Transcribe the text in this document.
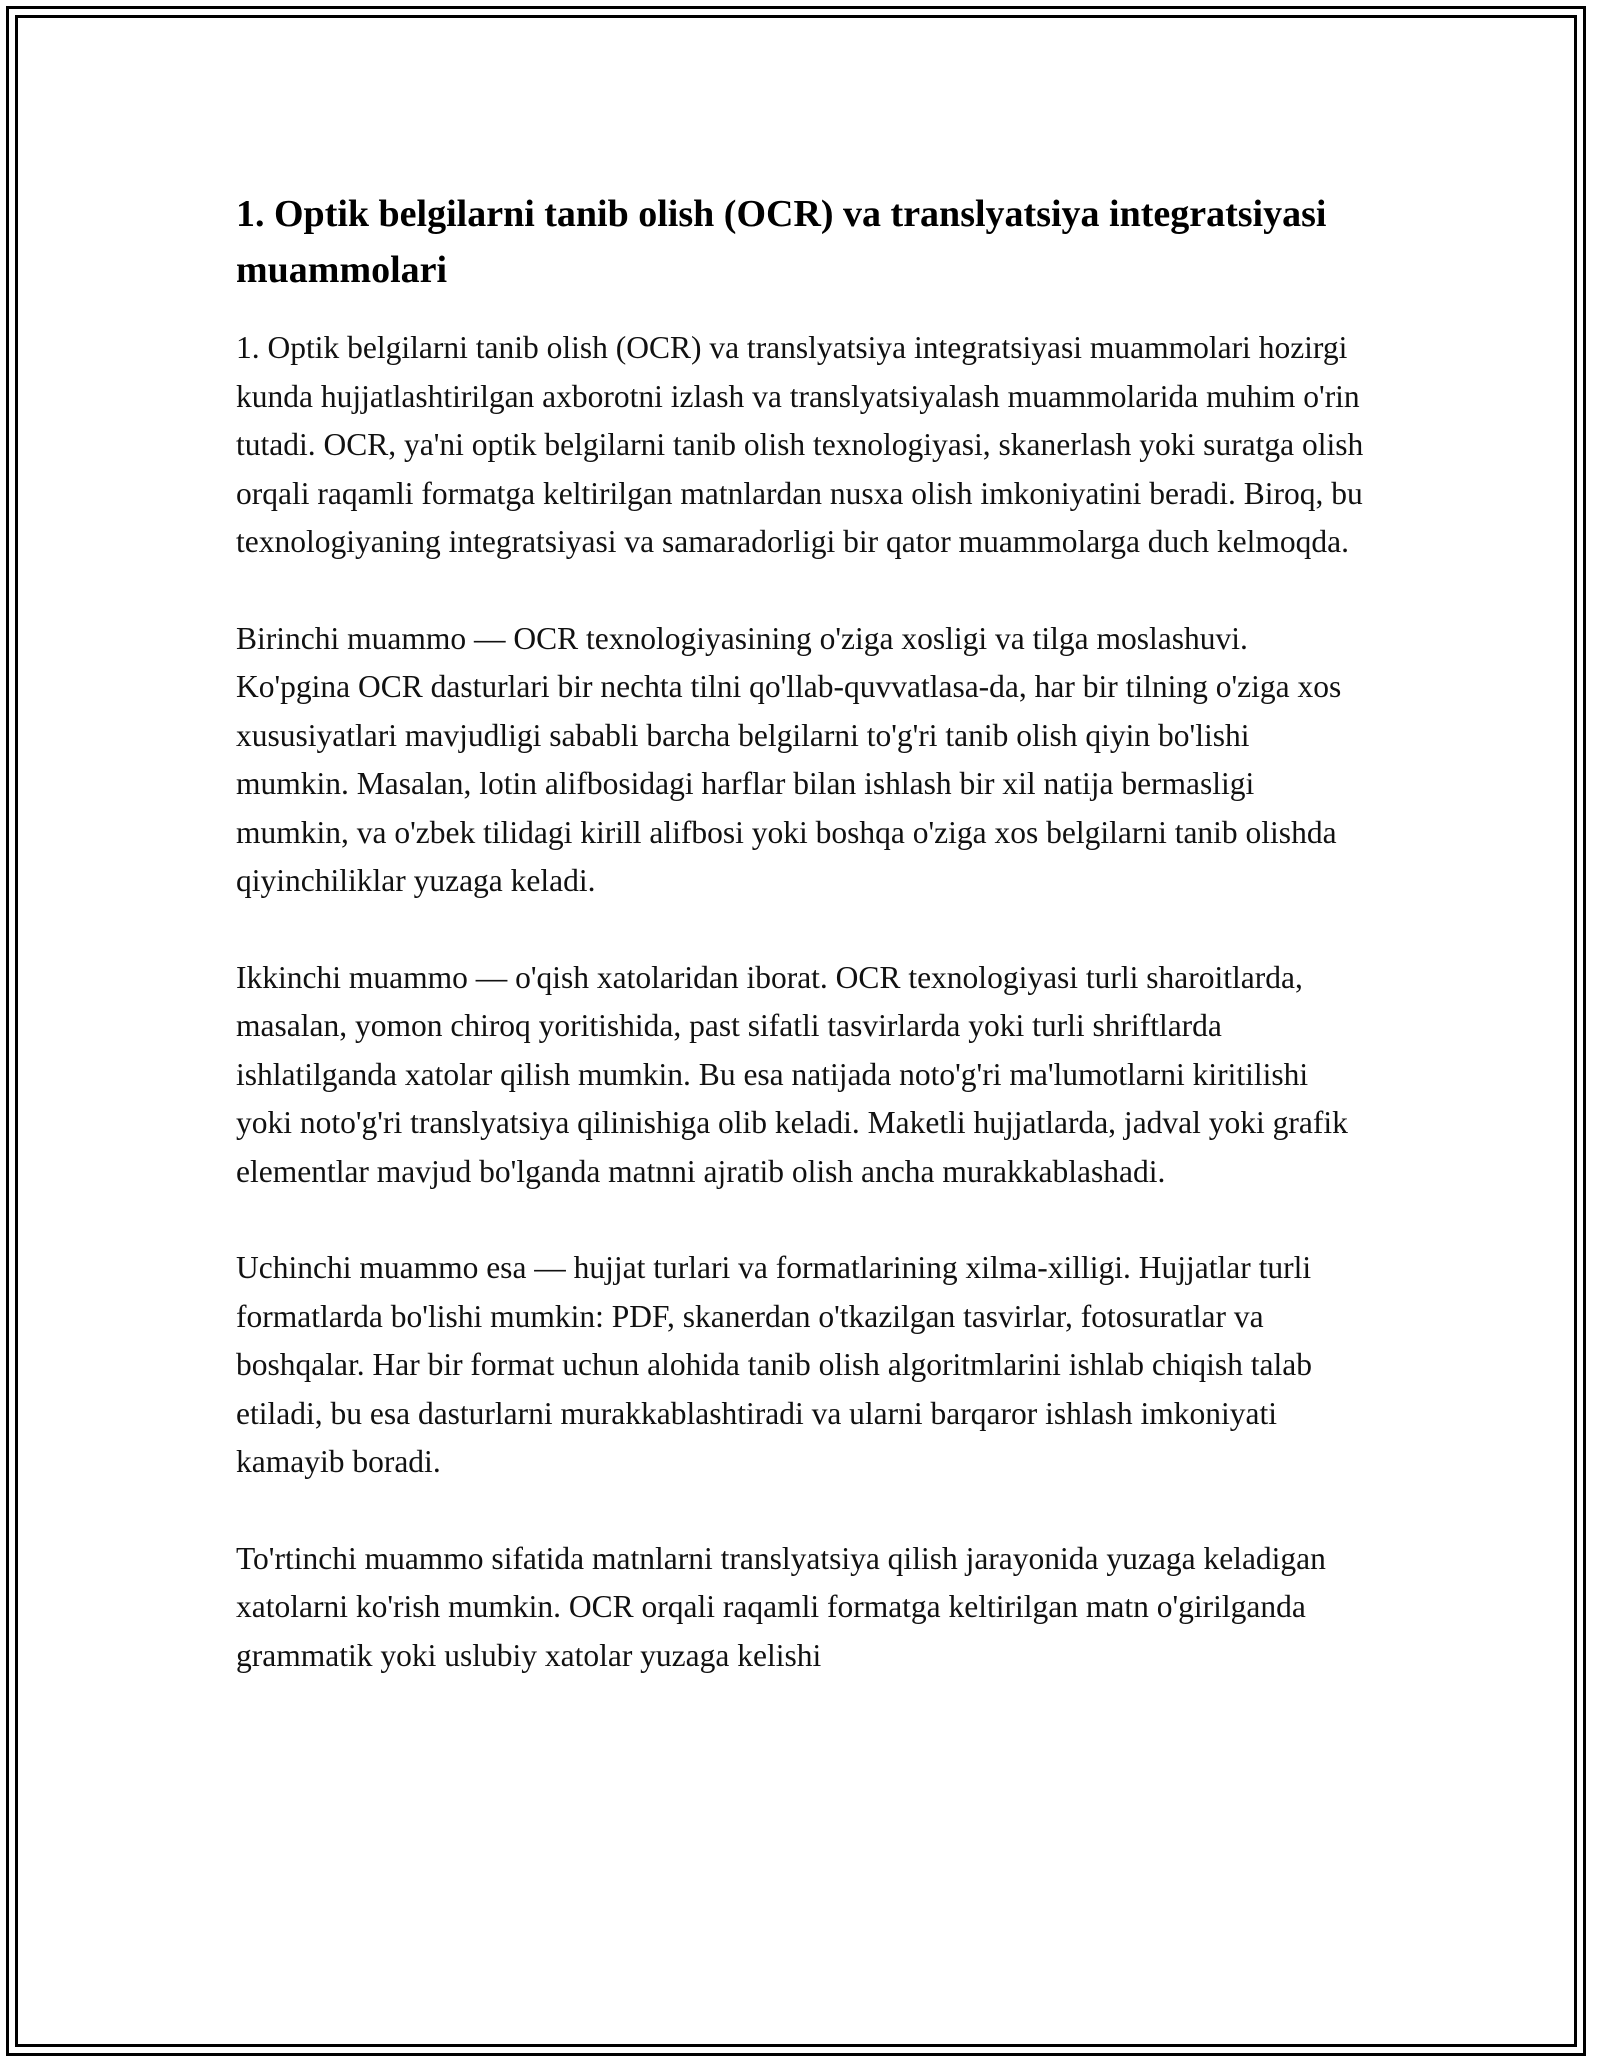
1. Optik belgilarni tanib olish (OCR) va translyatsiya integratsiyasi muammolari

1. Optik belgilarni tanib olish (OCR) va translyatsiya integratsiyasi muammolari hozirgi kunda hujjatlashtirilgan axborotni izlash va translyatsiyalash muammolarida muhim o'rin tutadi. OCR, ya'ni optik belgilarni tanib olish texnologiyasi, skanerlash yoki suratga olish orqali raqamli formatga keltirilgan matnlardan nusxa olish imkoniyatini beradi. Biroq, bu texnologiyaning integratsiyasi va samaradorligi bir qator muammolarga duch kelmoqda.

Birinchi muammo — OCR texnologiyasining o'ziga xosligi va tilga moslashuvi. Ko'pgina OCR dasturlari bir nechta tilni qo'llab-quvvatlasa-da, har bir tilning o'ziga xos xususiyatlari mavjudligi sababli barcha belgilarni to'g'ri tanib olish qiyin bo'lishi mumkin. Masalan, lotin alifbosidagi harflar bilan ishlash bir xil natija bermasligi mumkin, va o'zbek tilidagi kirill alifbosi yoki boshqa o'ziga xos belgilarni tanib olishda qiyinchiliklar yuzaga keladi.

Ikkinchi muammo — o'qish xatolaridan iborat. OCR texnologiyasi turli sharoitlarda, masalan, yomon chiroq yoritishida, past sifatli tasvirlarda yoki turli shriftlarda ishlatilganda xatolar qilish mumkin. Bu esa natijada noto'g'ri ma'lumotlarni kiritilishi yoki noto'g'ri translyatsiya qilinishiga olib keladi. Maketli hujjatlarda, jadval yoki grafik elementlar mavjud bo'lganda matnni ajratib olish ancha murakkablashadi.

Uchinchi muammo esa — hujjat turlari va formatlarining xilma-xilligi. Hujjatlar turli formatlarda bo'lishi mumkin: PDF, skanerdan o'tkazilgan tasvirlar, fotosuratlar va boshqalar. Har bir format uchun alohida tanib olish algoritmlarini ishlab chiqish talab etiladi, bu esa dasturlarni murakkablashtiradi va ularni barqaror ishlash imkoniyati kamayib boradi.

To'rtinchi muammo sifatida matnlarni translyatsiya qilish jarayonida yuzaga keladigan xatolarni ko'rish mumkin. OCR orqali raqamli formatga keltirilgan matn o'girilganda grammatik yoki uslubiy xatolar yuzaga kelishi
